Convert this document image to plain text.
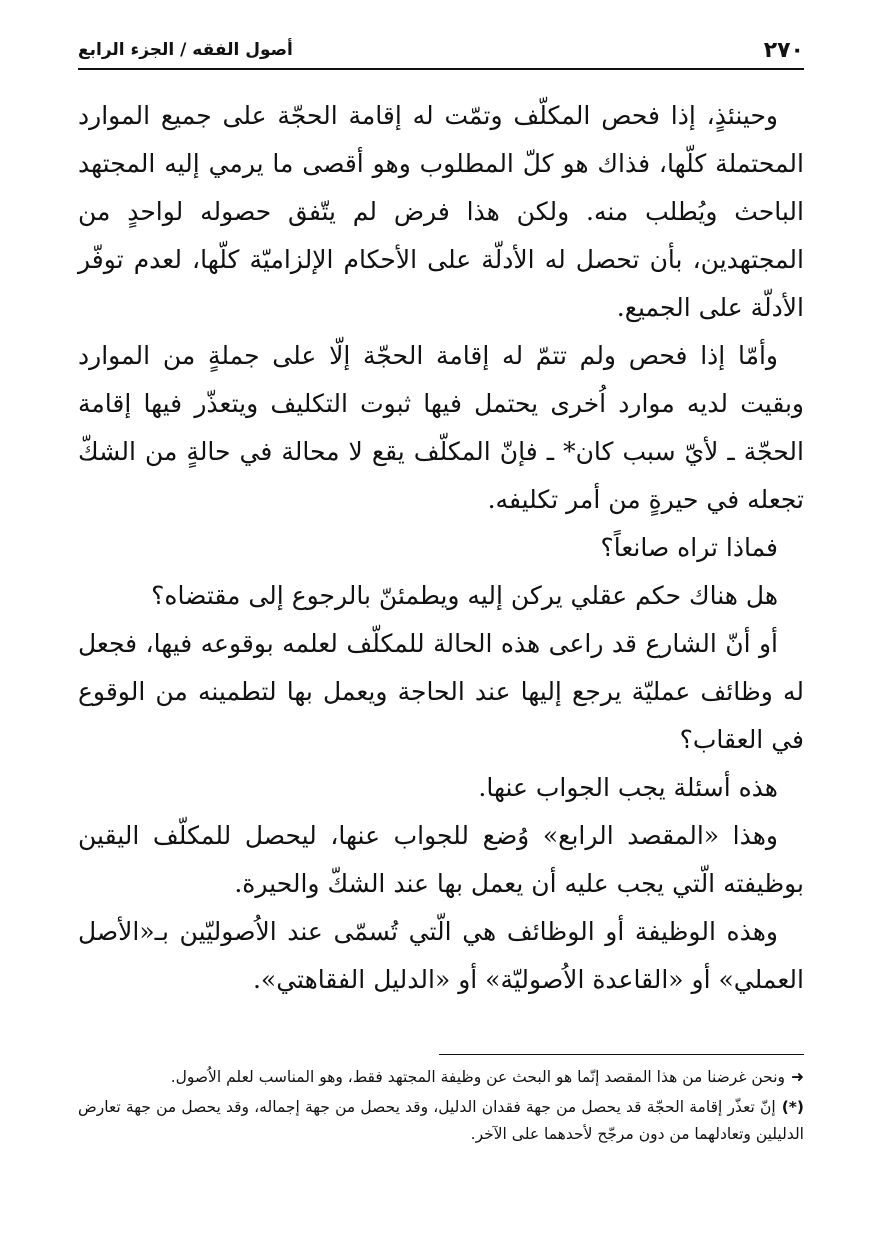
٢٧٠
أصول الفقه / الجزء الرابع

وحينئذٍ، إذا فحص المكلّف وتمّت له إقامة الحجّة على جميع الموارد المحتملة كلّها، فذاك هو كلّ المطلوب وهو أقصى ما يرمي إليه المجتهد الباحث ويُطلب منه. ولكن هذا فرض لم يتّفق حصوله لواحدٍ من المجتهدين، بأن تحصل له الأدلّة على الأحكام الإلزاميّة كلّها، لعدم توفّر الأدلّة على الجميع.

وأمّا إذا فحص ولم تتمّ له إقامة الحجّة إلّا على جملةٍ من الموارد وبقيت لديه موارد اُخرى يحتمل فيها ثبوت التكليف ويتعذّر فيها إقامة الحجّة ـ لأيّ سبب كان* ـ فإنّ المكلّف يقع لا محالة في حالةٍ من الشكّ تجعله في حيرةٍ من أمر تكليفه.

فماذا تراه صانعاً؟

هل هناك حكم عقلي يركن إليه ويطمئنّ بالرجوع إلى مقتضاه؟

أو أنّ الشارع قد راعى هذه الحالة للمكلّف لعلمه بوقوعه فيها، فجعل له وظائف عمليّة يرجع إليها عند الحاجة ويعمل بها لتطمينه من الوقوع في العقاب؟

هذه أسئلة يجب الجواب عنها.

وهذا «المقصد الرابع» وُضع للجواب عنها، ليحصل للمكلّف اليقين بوظيفته الّتي يجب عليه أن يعمل بها عند الشكّ والحيرة.

وهذه الوظيفة أو الوظائف هي الّتي تُسمّى عند الاُصوليّين بـ«الأصل العملي» أو «القاعدة الاُصوليّة» أو «الدليل الفقاهتي».

➜ونحن غرضنا من هذا المقصد إنّما هو البحث عن وظيفة المجتهد فقط، وهو المناسب لعلم الاُصول.

(*)إنّ تعذّر إقامة الحجّة قد يحصل من جهة فقدان الدليل، وقد يحصل من جهة إجماله، وقد يحصل من جهة تعارض الدليلين وتعادلهما من دون مرجّح لأحدهما على الآخر.
